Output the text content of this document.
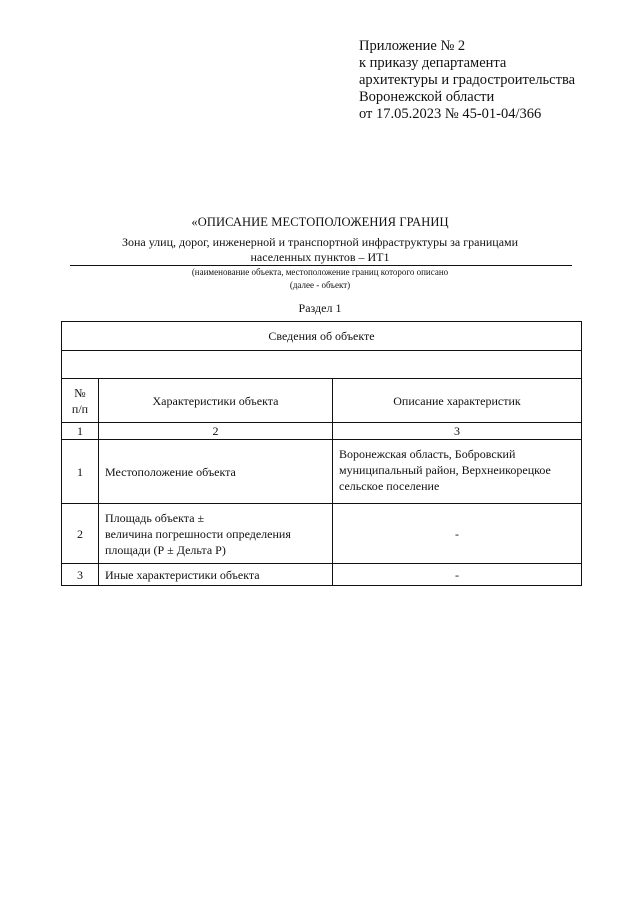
Приложение № 2
к приказу департамента
архитектуры и градостроительства
Воронежской области
от 17.05.2023 № 45-01-04/366
«ОПИСАНИЕ МЕСТОПОЛОЖЕНИЯ ГРАНИЦ
Зона улиц, дорог, инженерной и транспортной инфраструктуры за границами
населенных пунктов – ИТ1
(наименование объекта, местоположение границ которого описано
(далее - объект)
Раздел 1
Сведения об объекте		

№
п/п	Характеристики объекта	Описание характеристик
1	2	3
1	Местоположение объекта	Воронежская область, Бобровский муниципальный район, Верхнеикорецкое сельское поселение
2	Площадь объекта ±
величина погрешности определения
площади (Р ± Дельта Р)	-
3	Иные характеристики объекта	-
